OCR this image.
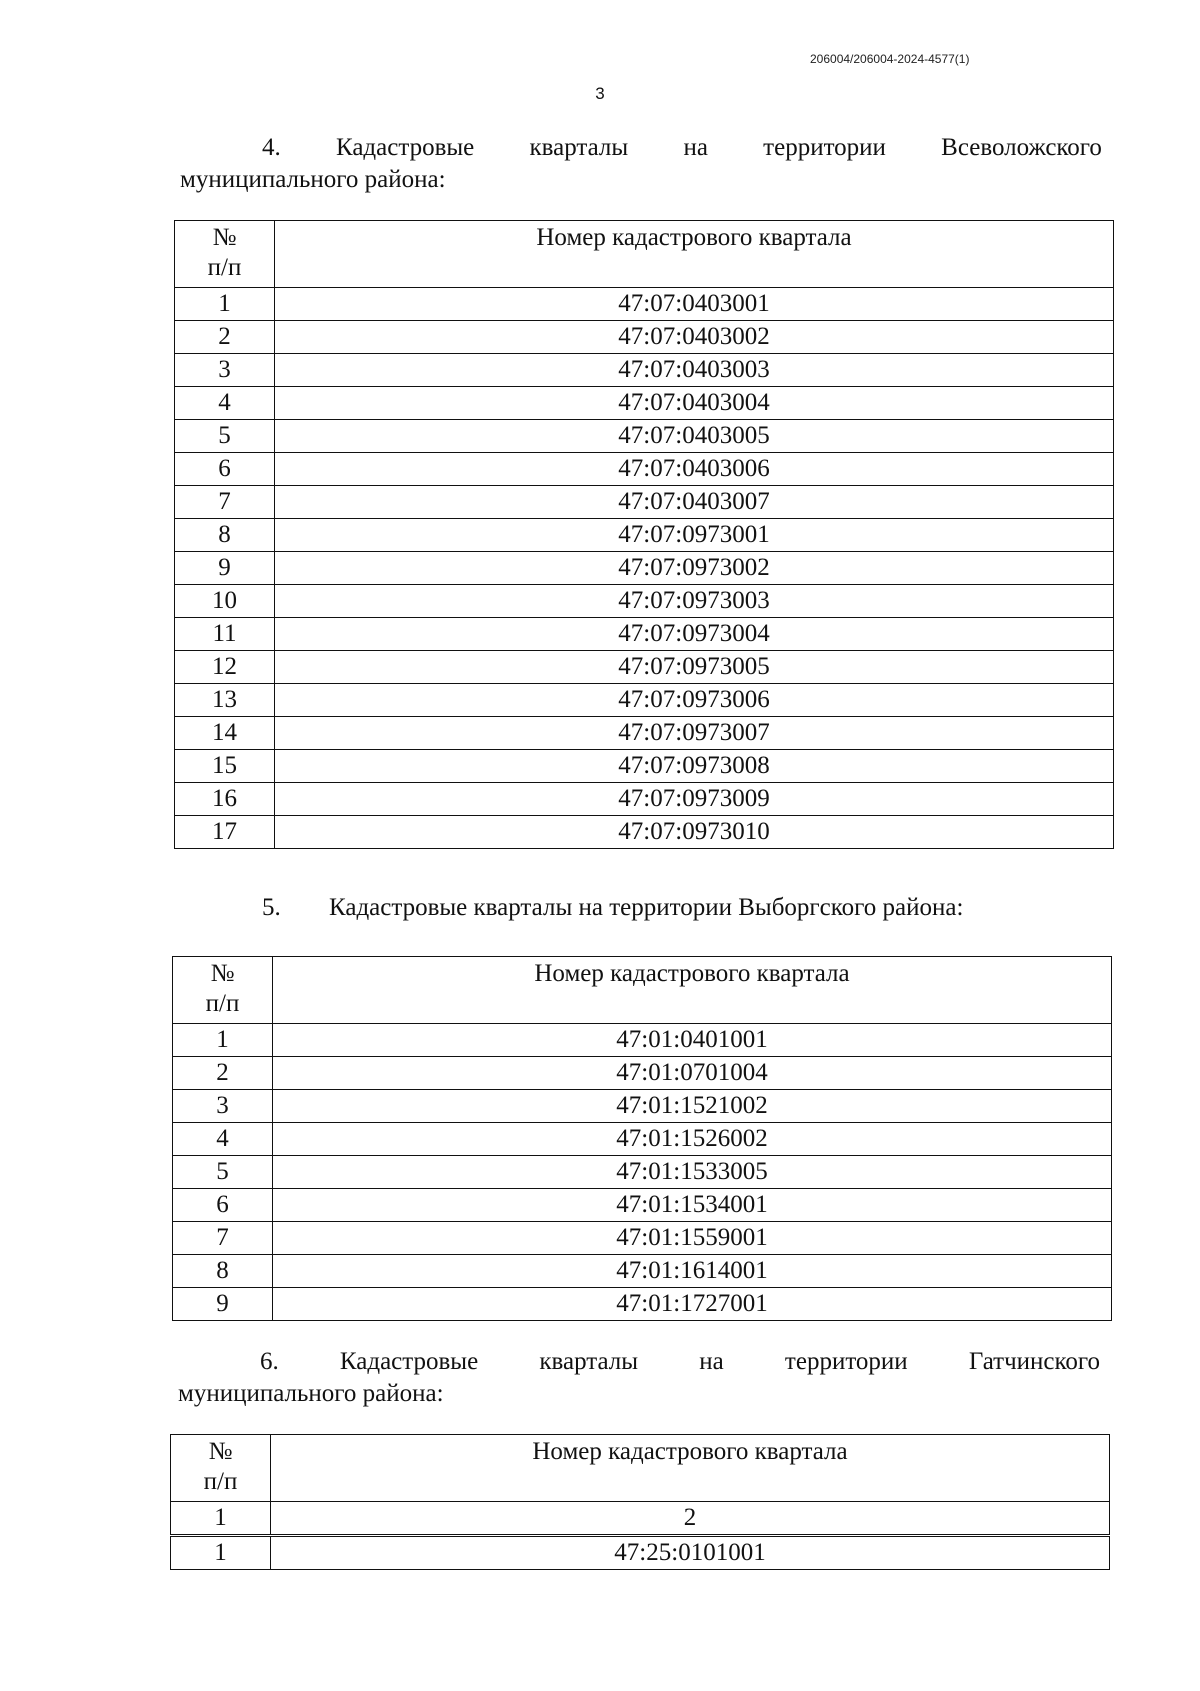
206004/206004-2024-4577(1)
3
4. Кадастровые кварталы на территории Всеволожского
муниципального района:
№
п/п	Номер кадастрового квартала
1	47:07:0403001
2	47:07:0403002
3	47:07:0403003
4	47:07:0403004
5	47:07:0403005
6	47:07:0403006
7	47:07:0403007
8	47:07:0973001
9	47:07:0973002
10	47:07:0973003
11	47:07:0973004
12	47:07:0973005
13	47:07:0973006
14	47:07:0973007
15	47:07:0973008
16	47:07:0973009
17	47:07:0973010
5. Кадастровые кварталы на территории Выборгского района:
№
п/п	Номер кадастрового квартала
1	47:01:0401001
2	47:01:0701004
3	47:01:1521002
4	47:01:1526002
5	47:01:1533005
6	47:01:1534001
7	47:01:1559001
8	47:01:1614001
9	47:01:1727001
6. Кадастровые кварталы на территории Гатчинского
муниципального района:
№
п/п	Номер кадастрового квартала
1	2
1	47:25:0101001
